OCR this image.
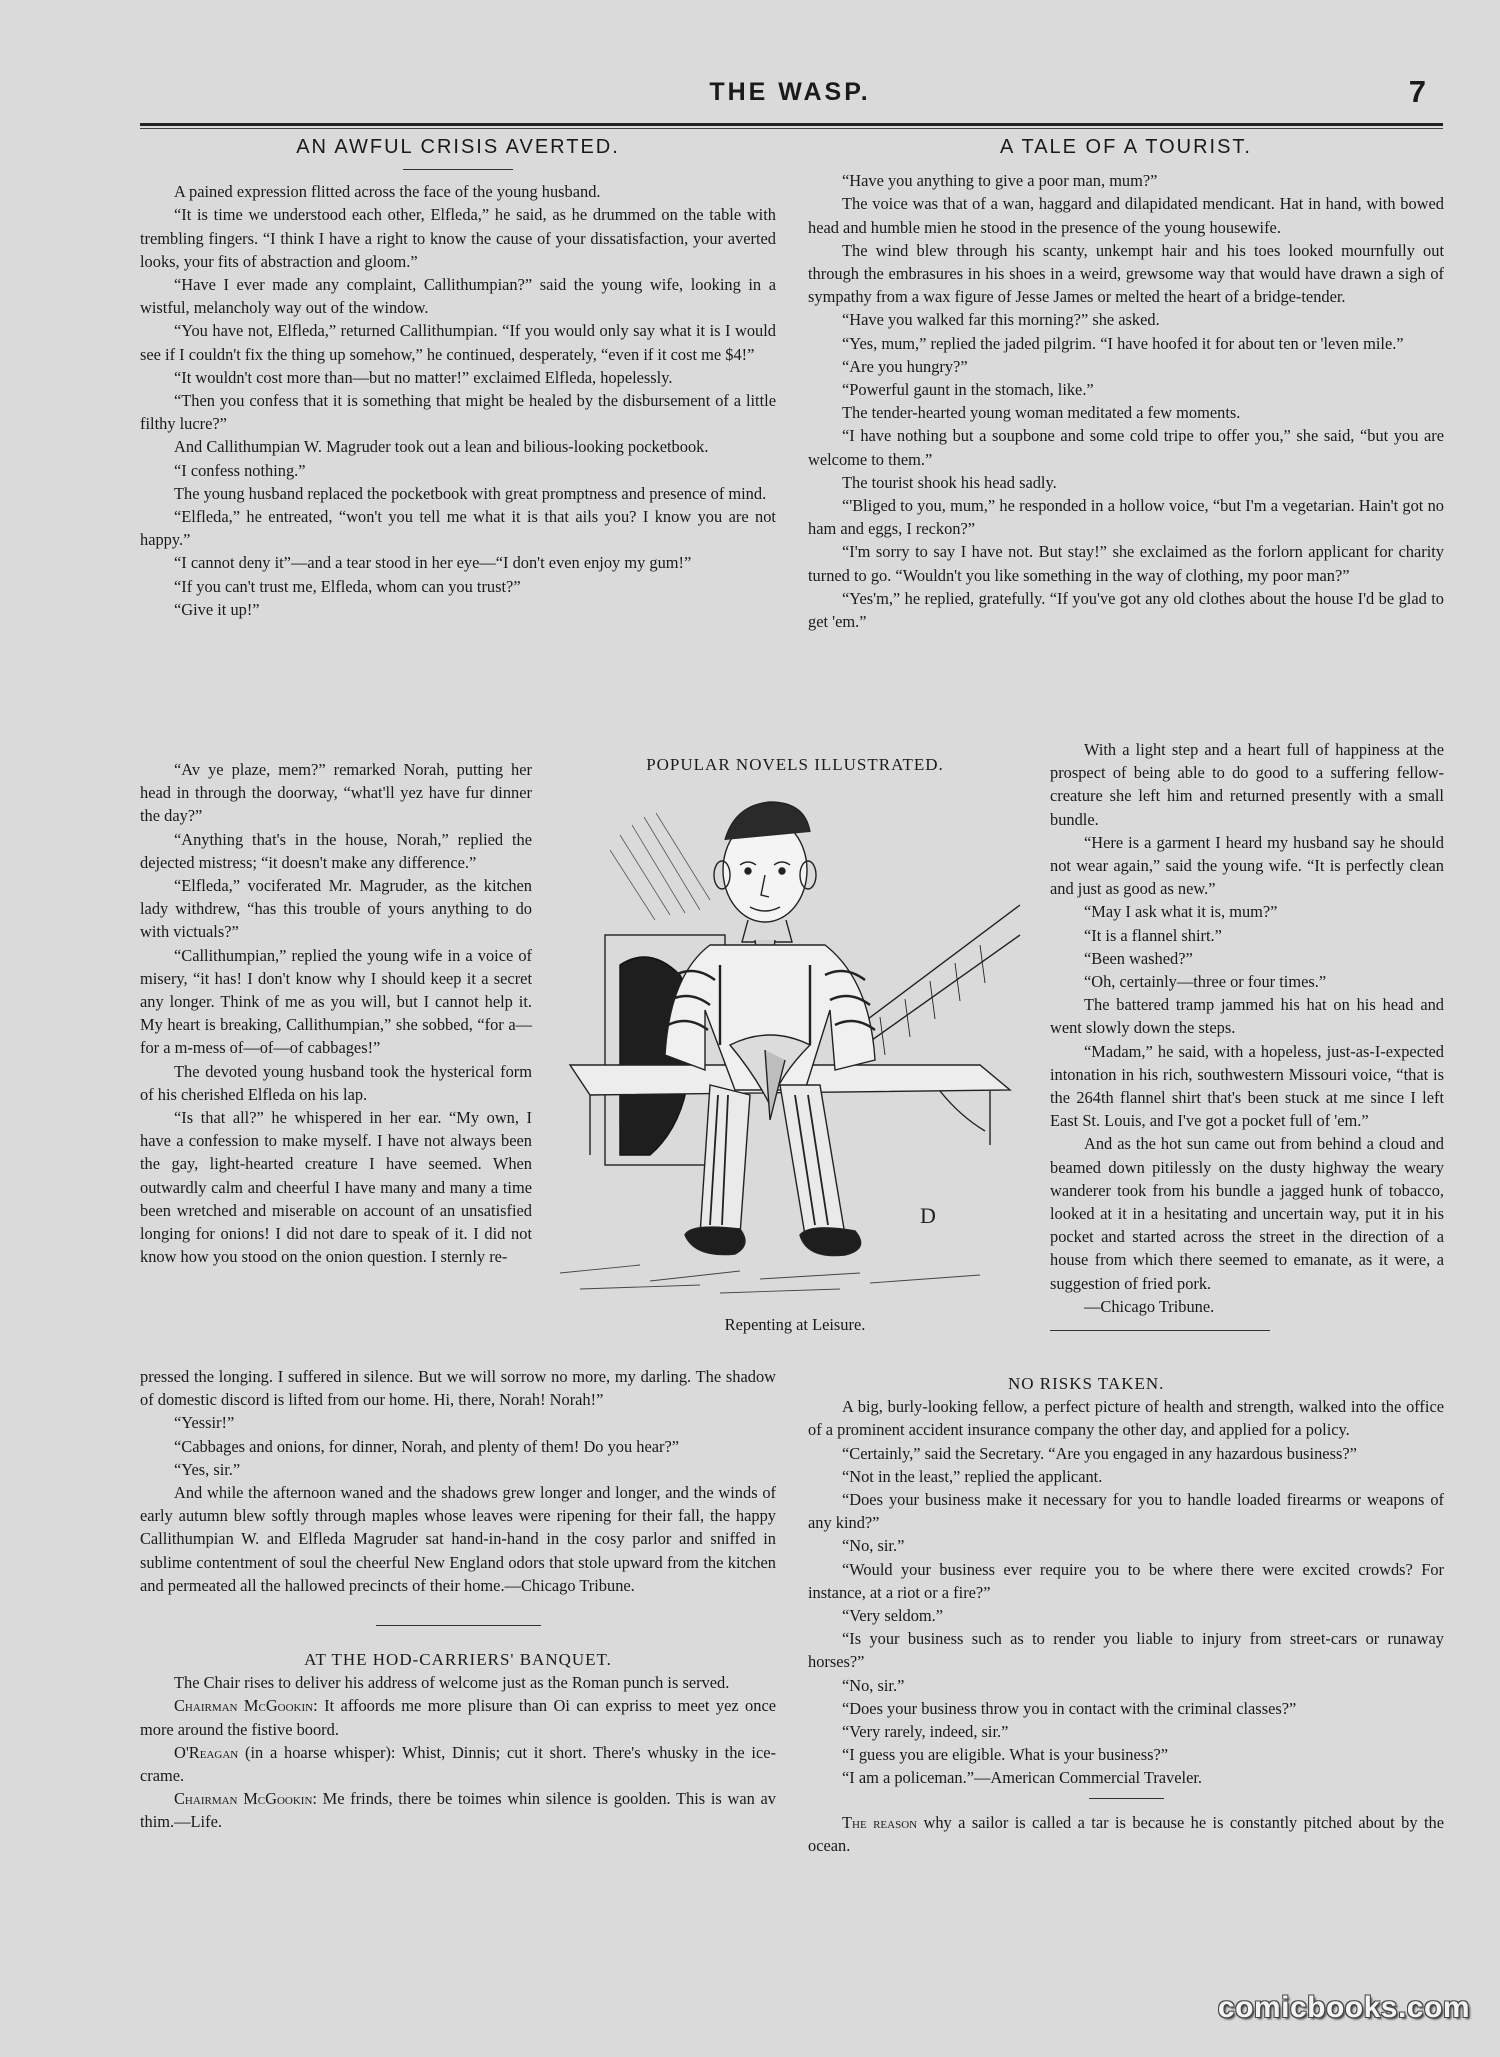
THE WASP.	7
AN AWFUL CRISIS AVERTED.

A pained expression flitted across the face of the young husband.

“It is time we understood each other, Elfleda,” he said, as he drummed on the table with trembling fingers. “I think I have a right to know the cause of your dissatisfaction, your averted looks, your fits of abstraction and gloom.”

“Have I ever made any complaint, Callithumpian?” said the young wife, looking in a wistful, melancholy way out of the window.

“You have not, Elfleda,” returned Callithumpian. “If you would only say what it is I would see if I couldn't fix the thing up somehow,” he continued, desperately, “even if it cost me $4!”

“It wouldn't cost more than—but no matter!” exclaimed Elfleda, hopelessly.

“Then you confess that it is something that might be healed by the disbursement of a little filthy lucre?”

And Callithumpian W. Magruder took out a lean and bilious-looking pocketbook.

“I confess nothing.”

The young husband replaced the pocketbook with great promptness and presence of mind.

“Elfleda,” he entreated, “won't you tell me what it is that ails you? I know you are not happy.”

“I cannot deny it”—and a tear stood in her eye—“I don't even enjoy my gum!”

“If you can't trust me, Elfleda, whom can you trust?”

“Give it up!”

“Av ye plaze, mem?” remarked Norah, putting her head in through the doorway, “what'll yez have fur dinner the day?”

“Anything that's in the house, Norah,” replied the dejected mistress; “it doesn't make any difference.”

“Elfleda,” vociferated Mr. Magruder, as the kitchen lady withdrew, “has this trouble of yours anything to do with victuals?”

“Callithumpian,” replied the young wife in a voice of misery, “it has! I don't know why I should keep it a secret any longer. Think of me as you will, but I cannot help it. My heart is breaking, Callithumpian,” she sobbed, “for a—for a m-mess of—of—of cabbages!”

The devoted young husband took the hysterical form of his cherished Elfleda on his lap.

“Is that all?” he whispered in her ear. “My own, I have a confession to make myself. I have not always been the gay, light-hearted creature I have seemed. When outwardly calm and cheerful I have many and many a time been wretched and miserable on account of an unsatisfied longing for onions! I did not dare to speak of it. I did not know how you stood on the onion question. I sternly re-

pressed the longing. I suffered in silence. But we will sorrow no more, my darling. The shadow of domestic discord is lifted from our home. Hi, there, Norah! Norah!”

“Yessir!”

“Cabbages and onions, for dinner, Norah, and plenty of them! Do you hear?”

“Yes, sir.”

And while the afternoon waned and the shadows grew longer and longer, and the winds of early autumn blew softly through maples whose leaves were ripening for their fall, the happy Callithumpian W. and Elfleda Magruder sat hand-in-hand in the cosy parlor and sniffed in sublime contentment of soul the cheerful New England odors that stole upward from the kitchen and permeated all the hallowed precincts of their home.—Chicago Tribune.

AT THE HOD-CARRIERS' BANQUET.

The Chair rises to deliver his address of welcome just as the Roman punch is served.

Chairman McGookin: It affoords me more plisure than Oi can expriss to meet yez once more around the fistive boord.

O'Reagan (in a hoarse whisper): Whist, Dinnis; cut it short. There's whusky in the ice-crame.

Chairman McGookin: Me frinds, there be toimes whin silence is goolden. This is wan av thim.—Life.

POPULAR NOVELS ILLUSTRATED.

D
Repenting at Leisure.
A TALE OF A TOURIST.

“Have you anything to give a poor man, mum?”

The voice was that of a wan, haggard and dilapidated mendicant. Hat in hand, with bowed head and humble mien he stood in the presence of the young housewife.

The wind blew through his scanty, unkempt hair and his toes looked mournfully out through the embrasures in his shoes in a weird, grewsome way that would have drawn a sigh of sympathy from a wax figure of Jesse James or melted the heart of a bridge-tender.

“Have you walked far this morning?” she asked.

“Yes, mum,” replied the jaded pilgrim. “I have hoofed it for about ten or 'leven mile.”

“Are you hungry?”

“Powerful gaunt in the stomach, like.”

The tender-hearted young woman meditated a few moments.

“I have nothing but a soupbone and some cold tripe to offer you,” she said, “but you are welcome to them.”

The tourist shook his head sadly.

“'Bliged to you, mum,” he responded in a hollow voice, “but I'm a vegetarian. Hain't got no ham and eggs, I reckon?”

“I'm sorry to say I have not. But stay!” she exclaimed as the forlorn applicant for charity turned to go. “Wouldn't you like something in the way of clothing, my poor man?”

“Yes'm,” he replied, gratefully. “If you've got any old clothes about the house I'd be glad to get 'em.”

With a light step and a heart full of happiness at the prospect of being able to do good to a suffering fellow-creature she left him and returned presently with a small bundle.

“Here is a garment I heard my husband say he should not wear again,” said the young wife. “It is perfectly clean and just as good as new.”

“May I ask what it is, mum?”

“It is a flannel shirt.”

“Been washed?”

“Oh, certainly—three or four times.”

The battered tramp jammed his hat on his head and went slowly down the steps.

“Madam,” he said, with a hopeless, just-as-I-expected intonation in his rich, southwestern Missouri voice, “that is the 264th flannel shirt that's been stuck at me since I left East St. Louis, and I've got a pocket full of 'em.”

And as the hot sun came out from behind a cloud and beamed down pitilessly on the dusty highway the weary wanderer took from his bundle a jagged hunk of tobacco, looked at it in a hesitating and uncertain way, put it in his pocket and started across the street in the direction of a house from which there seemed to emanate, as it were, a suggestion of fried pork.

—Chicago Tribune.

NO RISKS TAKEN.

A big, burly-looking fellow, a perfect picture of health and strength, walked into the office of a prominent accident insurance company the other day, and applied for a policy.

“Certainly,” said the Secretary. “Are you engaged in any hazardous business?”

“Not in the least,” replied the applicant.

“Does your business make it necessary for you to handle loaded firearms or weapons of any kind?”

“No, sir.”

“Would your business ever require you to be where there were excited crowds? For instance, at a riot or a fire?”

“Very seldom.”

“Is your business such as to render you liable to injury from street-cars or runaway horses?”

“No, sir.”

“Does your business throw you in contact with the criminal classes?”

“Very rarely, indeed, sir.”

“I guess you are eligible. What is your business?”

“I am a policeman.”—American Commercial Traveler.

The reason why a sailor is called a tar is because he is constantly pitched about by the ocean.

comicbooks.com
